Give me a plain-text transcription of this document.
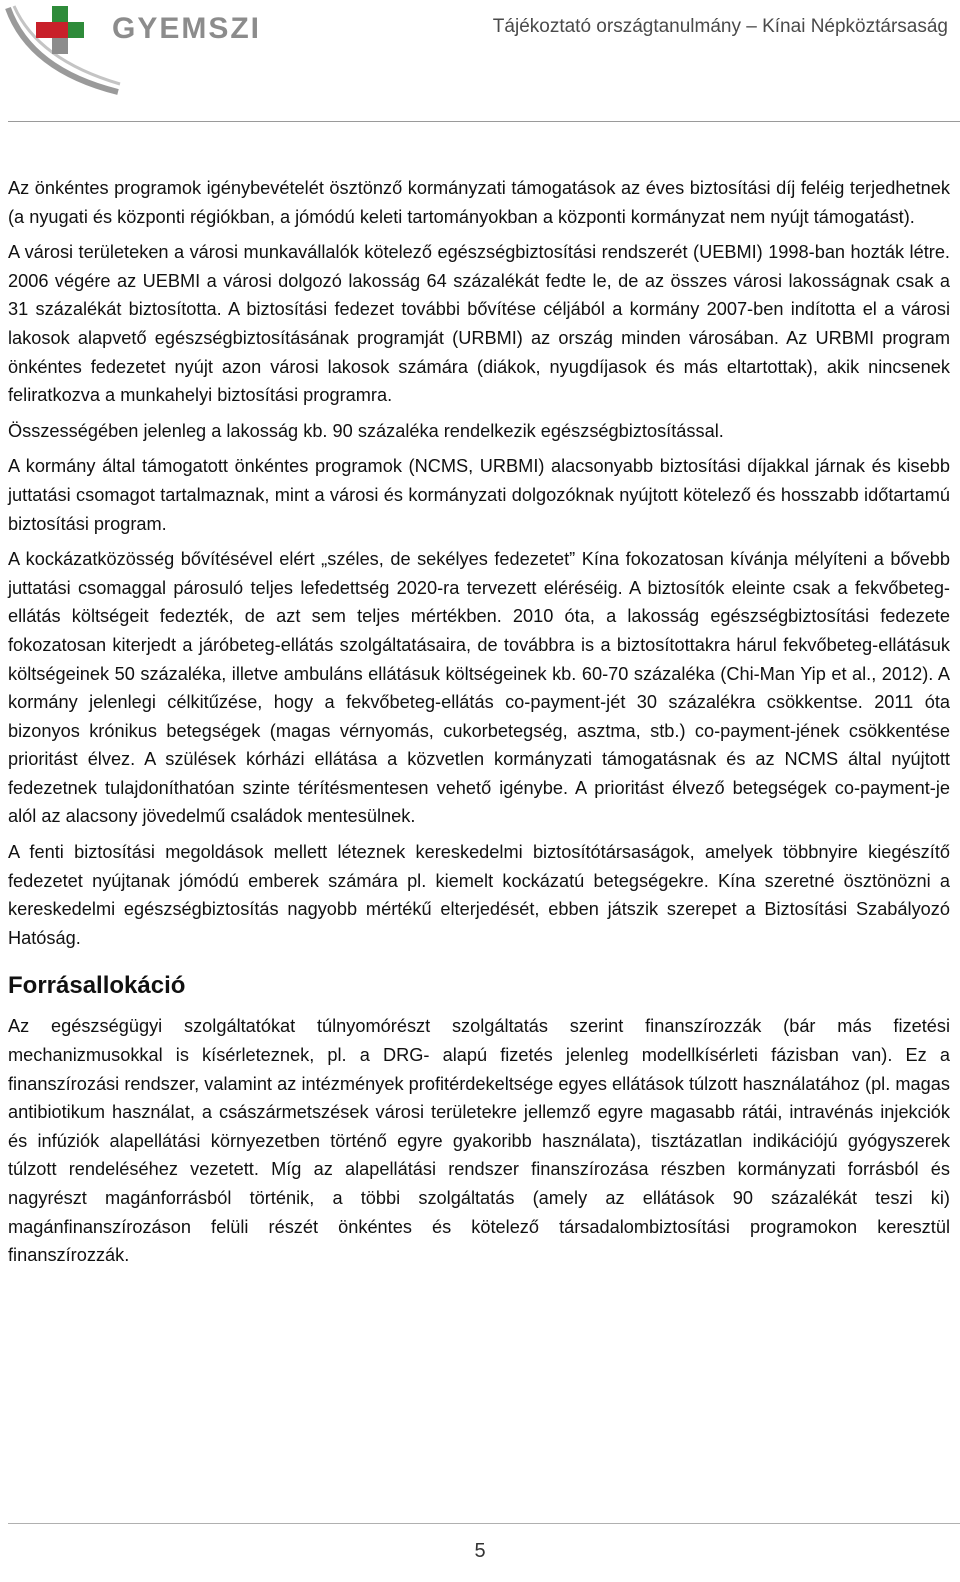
GYEMSZI	Tájékoztató országtanulmány – Kínai Népköztársaság

Az önkéntes programok igénybevételét ösztönző kormányzati támogatások az éves biztosítási díj feléig terjedhetnek (a nyugati és központi régiókban, a jómódú keleti tartományokban a központi kormányzat nem nyújt támogatást).

A városi területeken a városi munkavállalók kötelező egészségbiztosítási rendszerét (UEBMI) 1998-ban hozták létre. 2006 végére az UEBMI a városi dolgozó lakosság 64 százalékát fedte le, de az összes városi lakosságnak csak a 31 százalékát biztosította. A biztosítási fedezet további bővítése céljából a kormány 2007-ben indította el a városi lakosok alapvető egészségbiztosításának programját (URBMI) az ország minden városában. Az URBMI program önkéntes fedezetet nyújt azon városi lakosok számára (diákok, nyugdíjasok és más eltartottak), akik nincsenek feliratkozva a munkahelyi biztosítási programra.

Összességében jelenleg a lakosság kb. 90 százaléka rendelkezik egészségbiztosítással.

A kormány által támogatott önkéntes programok (NCMS, URBMI) alacsonyabb biztosítási díjakkal járnak és kisebb juttatási csomagot tartalmaznak, mint a városi és kormányzati dolgozóknak nyújtott kötelező és hosszabb időtartamú biztosítási program.

A kockázatközösség bővítésével elért „széles, de sekélyes fedezetet” Kína fokozatosan kívánja mélyíteni a bővebb juttatási csomaggal párosuló teljes lefedettség 2020-ra tervezett eléréséig. A biztosítók eleinte csak a fekvőbeteg-ellátás költségeit fedezték, de azt sem teljes mértékben. 2010 óta, a lakosság egészségbiztosítási fedezete fokozatosan kiterjedt a járóbeteg-ellátás szolgáltatásaira, de továbbra is a biztosítottakra hárul fekvőbeteg-ellátásuk költségeinek 50 százaléka, illetve ambuláns ellátásuk költségeinek kb. 60-70 százaléka (Chi-Man Yip et al., 2012). A kormány jelenlegi célkitűzése, hogy a fekvőbeteg-ellátás co-payment-jét 30 százalékra csökkentse. 2011 óta bizonyos krónikus betegségek (magas vérnyomás, cukorbetegség, asztma, stb.) co-payment-jének csökkentése prioritást élvez. A szülések kórházi ellátása a közvetlen kormányzati támogatásnak és az NCMS által nyújtott fedezetnek tulajdoníthatóan szinte térítésmentesen vehető igénybe. A prioritást élvező betegségek co-payment-je alól az alacsony jövedelmű családok mentesülnek.

A fenti biztosítási megoldások mellett léteznek kereskedelmi biztosítótársaságok, amelyek többnyire kiegészítő fedezetet nyújtanak jómódú emberek számára pl. kiemelt kockázatú betegségekre. Kína szeretné ösztönözni a kereskedelmi egészségbiztosítás nagyobb mértékű elterjedését, ebben játszik szerepet a Biztosítási Szabályozó Hatóság.

Forrásallokáció

Az egészségügyi szolgáltatókat túlnyomórészt szolgáltatás szerint finanszírozzák (bár más fizetési mechanizmusokkal is kísérleteznek, pl. a DRG- alapú fizetés jelenleg modellkísérleti fázisban van). Ez a finanszírozási rendszer, valamint az intézmények profitérdekeltsége egyes ellátások túlzott használatához (pl. magas antibiotikum használat, a császármetszések városi területekre jellemző egyre magasabb rátái, intravénás injekciók és infúziók alapellátási környezetben történő egyre gyakoribb használata), tisztázatlan indikációjú gyógyszerek túlzott rendeléséhez vezetett. Míg az alapellátási rendszer finanszírozása részben kormányzati forrásból és nagyrészt magánforrásból történik, a többi szolgáltatás (amely az ellátások 90 százalékát teszi ki) magánfinanszírozáson felüli részét önkéntes és kötelező társadalombiztosítási programokon keresztül finanszírozzák.

5
